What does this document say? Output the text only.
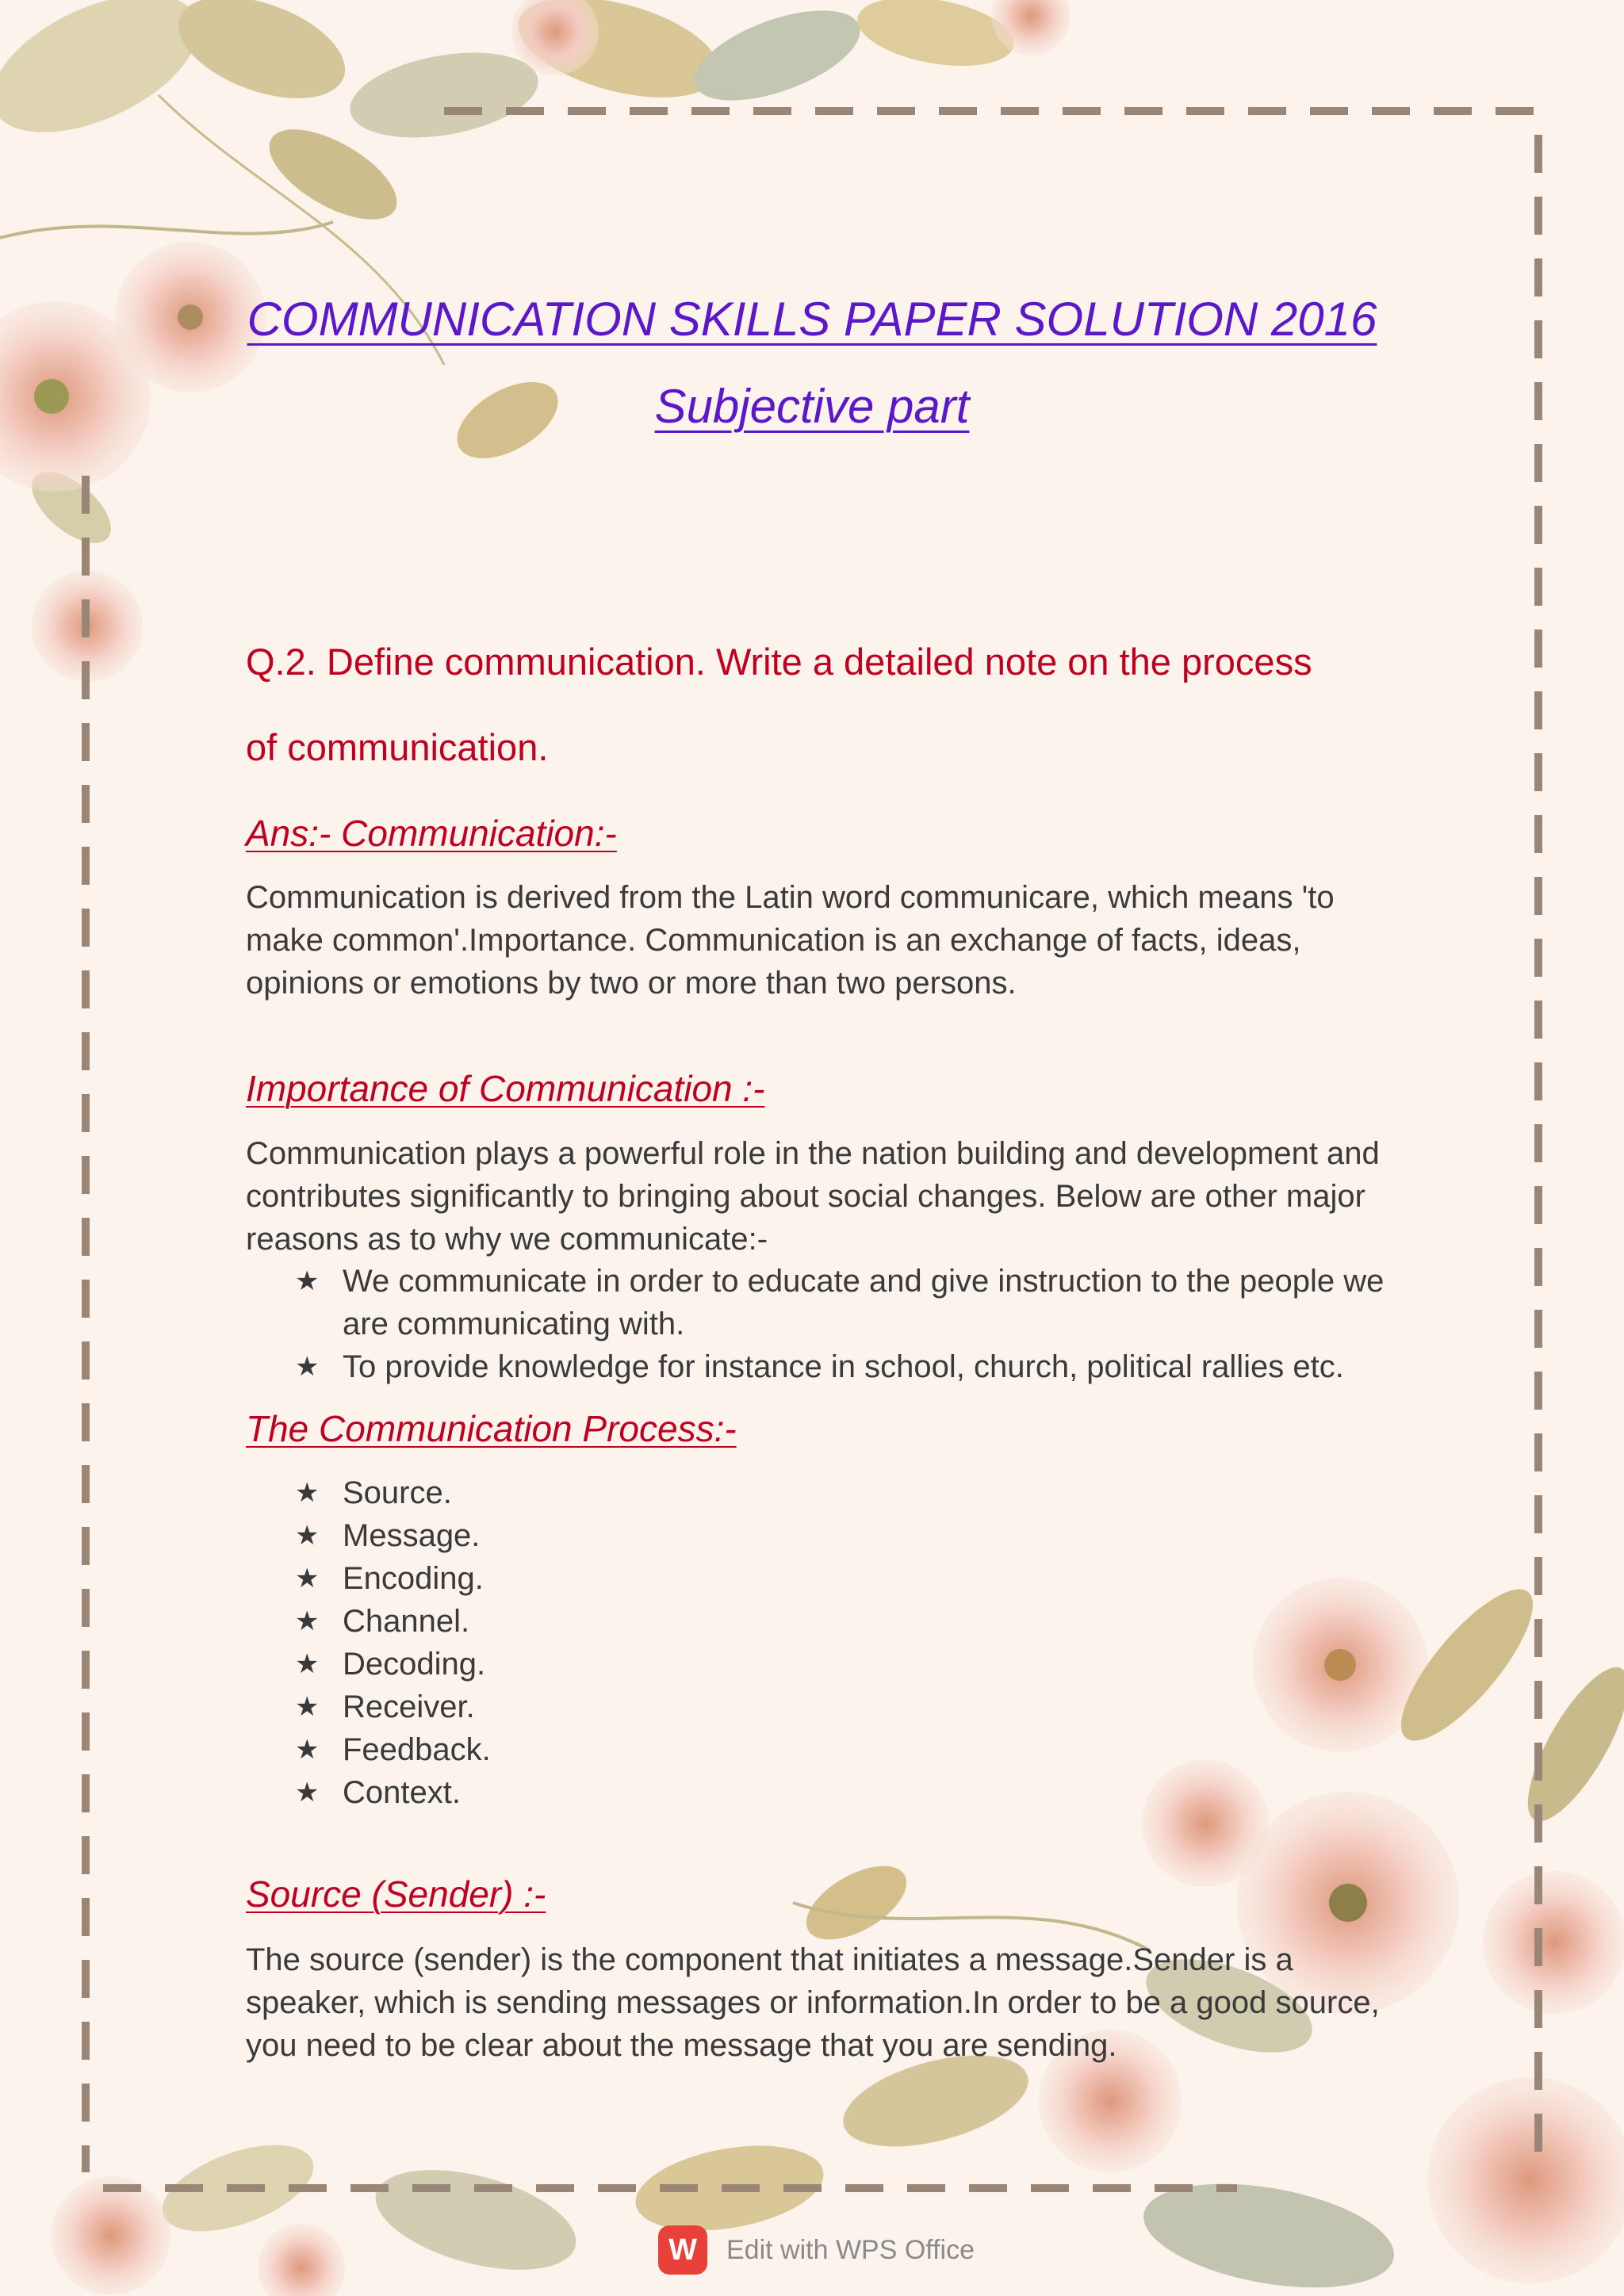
COMMUNICATION SKILLS PAPER SOLUTION 2016
Subjective part
Q.2. Define communication. Write a detailed note on the process
of communication.
Ans:- Communication:-
Communication is derived from the Latin word communicare, which means 'to make common'.Importance. Communication is an exchange of facts, ideas, opinions or emotions by two or more than two persons.
Importance of Communication :-
Communication plays a powerful role in the nation building and development and contributes significantly to bringing about social changes. Below are other major reasons as to why we communicate:-
★ We communicate in order to educate and give instruction to the people we are communicating with.
★ To provide knowledge for instance in school, church, political rallies etc.
The Communication Process:-
★ Source.
★ Message.
★ Encoding.
★ Channel.
★ Decoding.
★ Receiver.
★ Feedback.
★ Context.
Source (Sender) :-
The source (sender) is the component that initiates a message.Sender is a speaker, which is sending messages or information.In order to be a good source, you need to be clear about the message that you are sending.
W	Edit with WPS Office
